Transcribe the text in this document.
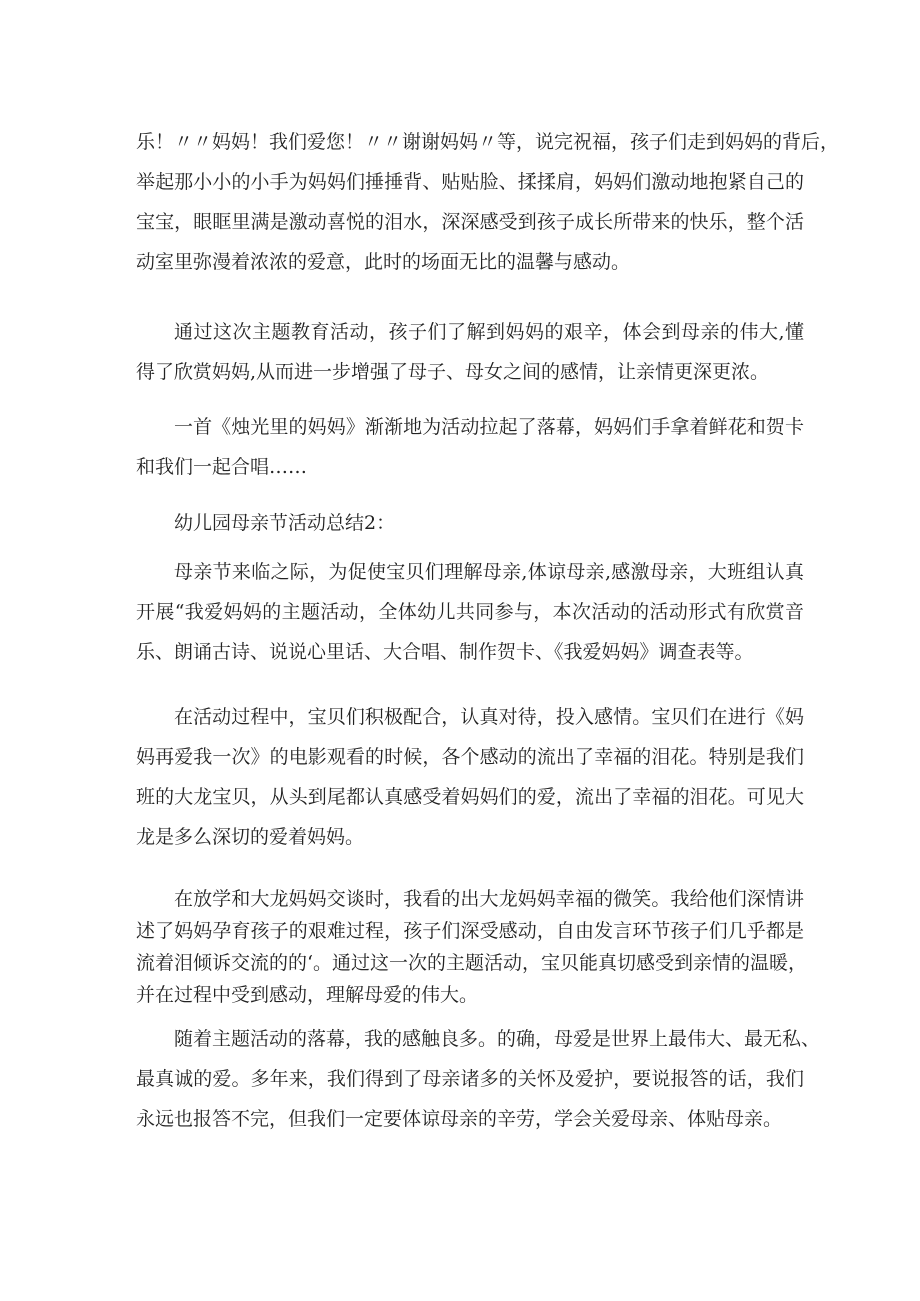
乐！〃〃妈妈！我们爱您！〃〃谢谢妈妈〃等，说完祝福，孩子们走到妈妈的背后，
举起那小小的小手为妈妈们捶捶背、贴贴脸、揉揉肩，妈妈们激动地抱紧自己的
宝宝，眼眶里满是激动喜悦的泪水，深深感受到孩子成长所带来的快乐，整个活
动室里弥漫着浓浓的爱意，此时的场面无比的温馨与感动。
通过这次主题教育活动，孩子们了解到妈妈的艰辛，体会到母亲的伟大,懂
得了欣赏妈妈,从而进一步增强了母子、母女之间的感情，让亲情更深更浓。
一首《烛光里的妈妈》渐渐地为活动拉起了落幕，妈妈们手拿着鲜花和贺卡
和我们一起合唱……
幼儿园母亲节活动总结2：
母亲节来临之际，为促使宝贝们理解母亲,体谅母亲,感激母亲，大班组认真
开展“我爱妈妈的主题活动，全体幼儿共同参与，本次活动的活动形式有欣赏音
乐、朗诵古诗、说说心里话、大合唱、制作贺卡、《我爱妈妈》调查表等。
在活动过程中，宝贝们积极配合，认真对待，投入感情。宝贝们在进行《妈
妈再爱我一次》的电影观看的时候，各个感动的流出了幸福的泪花。特别是我们
班的大龙宝贝，从头到尾都认真感受着妈妈们的爱，流出了幸福的泪花。可见大
龙是多么深切的爱着妈妈。
在放学和大龙妈妈交谈时，我看的出大龙妈妈幸福的微笑。我给他们深情讲
述了妈妈孕育孩子的艰难过程，孩子们深受感动，自由发言环节孩子们几乎都是
流着泪倾诉交流的的‘。通过这一次的主题活动，宝贝能真切感受到亲情的温暖，
并在过程中受到感动，理解母爱的伟大。
随着主题活动的落幕，我的感触良多。的确，母爱是世界上最伟大、最无私、
最真诚的爱。多年来，我们得到了母亲诸多的关怀及爱护，要说报答的话，我们
永远也报答不完，但我们一定要体谅母亲的辛劳，学会关爱母亲、体贴母亲。
